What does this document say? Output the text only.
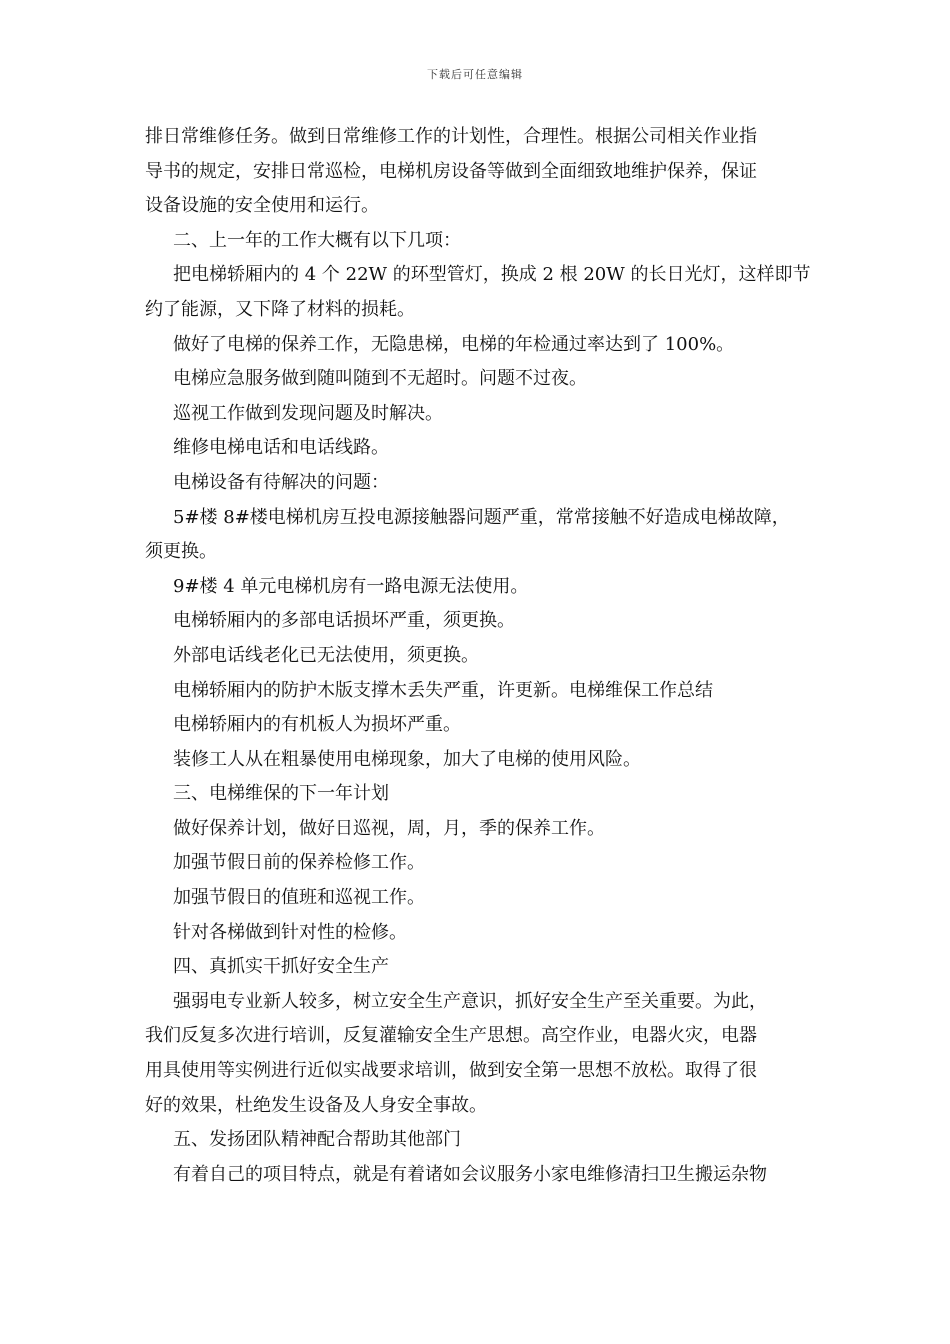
下载后可任意编辑
排日常维修任务。做到日常维修工作的计划性，合理性。根据公司相关作业指
导书的规定，安排日常巡检，电梯机房设备等做到全面细致地维护保养，保证
设备设施的安全使用和运行。
二、上一年的工作大概有以下几项：
把电梯轿厢内的 4 个 22W 的环型管灯，换成 2 根 20W 的长日光灯，这样即节
约了能源，又下降了材料的损耗。
做好了电梯的保养工作，无隐患梯，电梯的年检通过率达到了 100%。
电梯应急服务做到随叫随到不无超时。问题不过夜。
巡视工作做到发现问题及时解决。
维修电梯电话和电话线路。
电梯设备有待解决的问题：
5#楼 8#楼电梯机房互投电源接触器问题严重，常常接触不好造成电梯故障，
须更换。
9#楼 4 单元电梯机房有一路电源无法使用。
电梯轿厢内的多部电话损坏严重，须更换。
外部电话线老化已无法使用，须更换。
电梯轿厢内的防护木版支撑木丢失严重，许更新。电梯维保工作总结
电梯轿厢内的有机板人为损坏严重。
装修工人从在粗暴使用电梯现象，加大了电梯的使用风险。
三、电梯维保的下一年计划
做好保养计划，做好日巡视，周，月，季的保养工作。
加强节假日前的保养检修工作。
加强节假日的值班和巡视工作。
针对各梯做到针对性的检修。
四、真抓实干抓好安全生产
强弱电专业新人较多，树立安全生产意识，抓好安全生产至关重要。为此，
我们反复多次进行培训，反复灌输安全生产思想。高空作业，电器火灾，电器
用具使用等实例进行近似实战要求培训，做到安全第一思想不放松。取得了很
好的效果，杜绝发生设备及人身安全事故。
五、发扬团队精神配合帮助其他部门
有着自己的项目特点，就是有着诸如会议服务小家电维修清扫卫生搬运杂物
